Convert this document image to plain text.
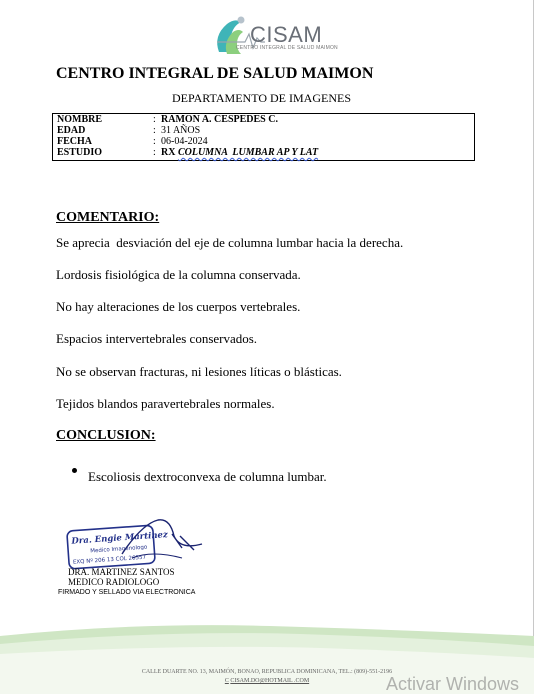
CISAM
CENTRO INTEGRAL DE SALUD MAIMON
CENTRO INTEGRAL DE SALUD MAIMON
DEPARTAMENTO DE IMAGENES
NOMBRE	: RAMON A. CESPEDES C.
EDAD	: 31 AÑOS
FECHA	: 06-04-2024
ESTUDIO	: RX COLUMNA  LUMBAR AP Y LAT
COMENTARIO:
Se aprecia  desviación del eje de columna lumbar hacia la derecha.
Lordosis fisiológica de la columna conservada.
No hay alteraciones de los cuerpos vertebrales.
Espacios intervertebrales conservados.
No se observan fracturas, ni lesiones líticas o blásticas.
Tejidos blandos paravertebrales normales.
CONCLUSION:
Escoliosis dextroconvexa de columna lumbar.
Dra. Engie Martinez
Medico Imagenologo
EXQ Nº 206 13 COL 26557
DRA. MARTINEZ SANTOS
MEDICO RADIOLOGO
FIRMADO Y SELLADO VIA ELECTRONICA
CALLE DUARTE NO. 13, MAIMÓN, BONAO, REPUBLICA DOMINICANA, TEL.: (809)-551-2196
C CISAM.DO@HOTMAIL .COM	Activar Windows
